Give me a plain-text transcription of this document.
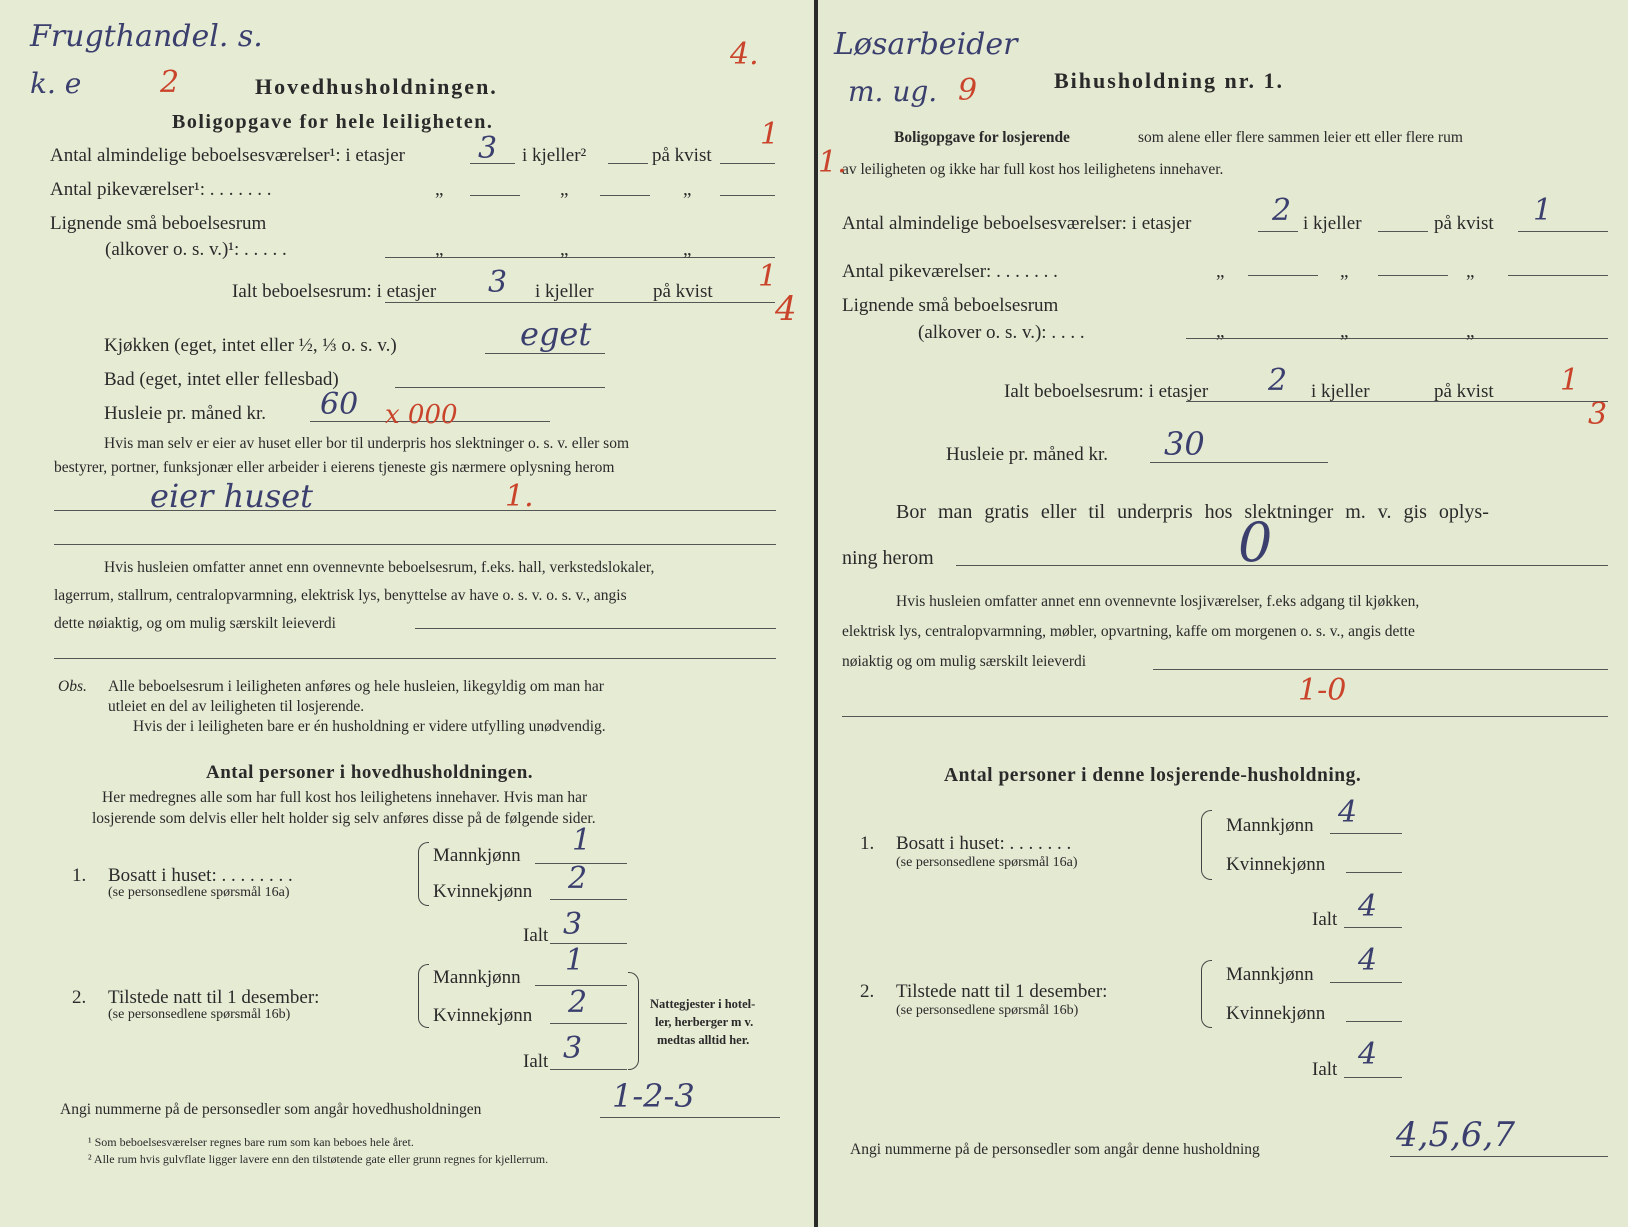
Frugthandel. s.
k. e	2
4.
Hovedhusholdningen.
Boligopgave for hele leiligheten.
Antal almindelige beboelsesværelser¹: i etasjer 3 i kjeller²	på kvist
1
Antal pikeværelser¹: . . . . . . .	„	„	„
Lignende små beboelsesrum
(alkover o. s. v.)¹: . . . . .	„	„	„
Ialt beboelsesrum: i etasjer 3 i kjeller	på kvist 1
4
Kjøkken (eget, intet eller ½, ⅓ o. s. v.)	eget
Bad (eget, intet eller fellesbad)
Husleie pr. måned kr. 60 x 000
Hvis man selv er eier av huset eller bor til underpris hos slektninger o. s. v. eller som
bestyrer, portner, funksjonær eller arbeider i eierens tjeneste gis nærmere oplysning herom
eier huset	1.
Hvis husleien omfatter annet enn ovennevnte beboelsesrum, f.eks. hall, verkstedslokaler,
lagerrum, stallrum, centralopvarmning, elektrisk lys, benyttelse av have o. s. v. o. s. v., angis
dette nøiaktig, og om mulig særskilt leieverdi
Obs. Alle beboelsesrum i leiligheten anføres og hele husleien, likegyldig om man har
utleiet en del av leiligheten til losjerende.
Hvis der i leiligheten bare er én husholdning er videre utfylling unødvendig.
Antal personer i hovedhusholdningen.
Her medregnes alle som har full kost hos leilighetens innehaver. Hvis man har
losjerende som delvis eller helt holder sig selv anføres disse på de følgende sider.
1. Bosatt i huset: . . . . . . . .
(se personsedlene spørsmål 16a)
Mannkjønn 1
Kvinnekjønn 2
Ialt 3
2. Tilstede natt til 1 desember:
(se personsedlene spørsmål 16b)
Mannkjønn 1
Kvinnekjønn 2
Ialt 3
Nattegjester i hotel-
ler, herberger m v.
medtas alltid her.
Angi nummerne på de personsedler som angår hovedhusholdningen	1-2-3
¹ Som beboelsesværelser regnes bare rum som kan beboes hele året.
² Alle rum hvis gulvflate ligger lavere enn den tilstøtende gate eller grunn regnes for kjellerrum.
Løsarbeider
m. ug. 9	Bihusholdning nr. 1.
Boligopgave for losjerende	som alene eller flere sammen leier ett eller flere rum
av leiligheten og ikke har full kost hos leilighetens innehaver.
1.
Antal almindelige beboelsesværelser: i etasjer	2 i kjeller	på kvist 1
Antal pikeværelser: . . . . . . .	„	„	„
Lignende små beboelsesrum
(alkover o. s. v.): . . . .	„	„	„
Ialt beboelsesrum: i etasjer 2 i kjeller	på kvist 1
3
Husleie pr. måned kr. 30
Bor man gratis eller til underpris hos slektninger m. v. gis oplys-
ning herom	0
Hvis husleien omfatter annet enn ovennevnte losjiværelser, f.eks adgang til kjøkken,
elektrisk lys, centralopvarmning, møbler, opvartning, kaffe om morgenen o. s. v., angis dette
nøiaktig og om mulig særskilt leieverdi
1-0
Antal personer i denne losjerende-husholdning.
1. Bosatt i huset: . . . . . . .
(se personsedlene spørsmål 16a)
Mannkjønn 4
Kvinnekjønn
Ialt 4
2. Tilstede natt til 1 desember:
(se personsedlene spørsmål 16b)
Mannkjønn 4
Kvinnekjønn
Ialt 4
Angi nummerne på de personsedler som angår denne husholdning	4,5,6,7
